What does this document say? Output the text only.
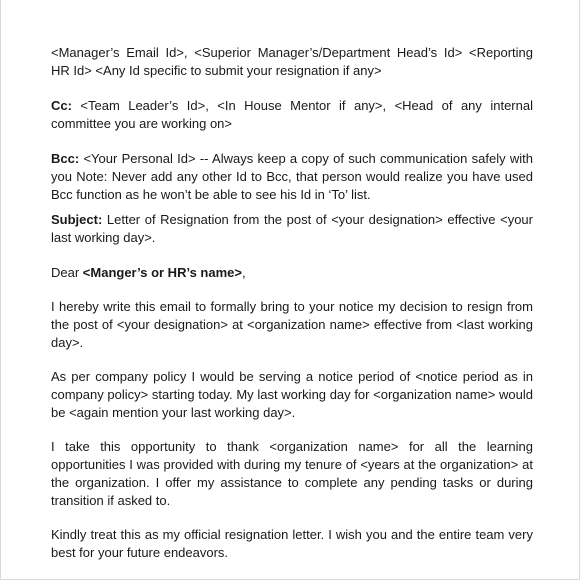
<Manager’s Email Id>, <Superior Manager’s/Department Head’s Id> <Reporting HR Id> <Any Id specific to submit your resignation if any>

Cc: <Team Leader’s Id>, <In House Mentor if any>, <Head of any internal committee you are working on>

Bcc: <Your Personal Id> -- Always keep a copy of such communication safely with you Note: Never add any other Id to Bcc, that person would realize you have used Bcc function as he won’t be able to see his Id in ‘To’ list.

Subject: Letter of Resignation from the post of <your designation> effective <your last working day>.

Dear <Manger’s or HR’s name>,

I hereby write this email to formally bring to your notice my decision to resign from the post of <your designation> at <organization name> effective from <last working day>.

As per company policy I would be serving a notice period of <notice period as in company policy> starting today. My last working day for <organization name> would be <again mention your last working day>.

I take this opportunity to thank <organization name> for all the learning opportunities I was provided with during my tenure of <years at the organization> at the organization. I offer my assistance to complete any pending tasks or during transition if asked to.

Kindly treat this as my official resignation letter. I wish you and the entire team very best for your future endeavors.
